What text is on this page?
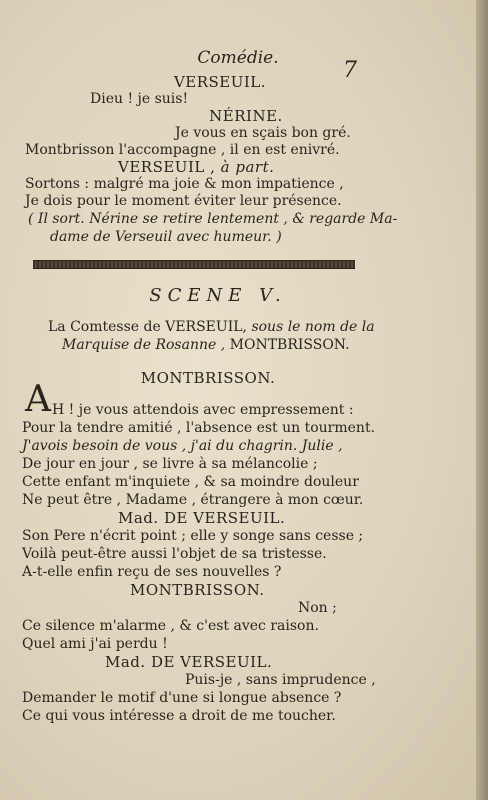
Comédie.	7
VERSEUIL.
Dieu ! je suis!
NÉRINE.
Je vous en sçais bon gré.
Montbrisson l'accompagne , il en est enivré.
VERSEUIL , à part.
Sortons : malgré ma joie & mon impatience ,
Je dois pour le moment éviter leur présence.
( Il sort. Nérine se retire lentement , & regarde Ma-
dame de Verseuil avec humeur. )
SCENE V.
La Comtesse de VERSEUIL, sous le nom de la
Marquise de Rosanne , MONTBRISSON.
MONTBRISSON.
A H ! je vous attendois avec empressement :
Pour la tendre amitié , l'absence est un tourment.
J'avois besoin de vous , j'ai du chagrin. Julie ,
De jour en jour , se livre à sa mélancolie ;
Cette enfant m'inquiete , & sa moindre douleur
Ne peut être , Madame , étrangere à mon cœur.
Mad. DE VERSEUIL.
Son Pere n'écrit point ; elle y songe sans cesse ;
Voilà peut-être aussi l'objet de sa tristesse.
A-t-elle enfin reçu de ses nouvelles ?
MONTBRISSON.
Non ;
Ce silence m'alarme , & c'est avec raison.
Quel ami j'ai perdu !
Mad. DE VERSEUIL.
Puis-je , sans imprudence ,
Demander le motif d'une si longue absence ?
Ce qui vous intéresse a droit de me toucher.
